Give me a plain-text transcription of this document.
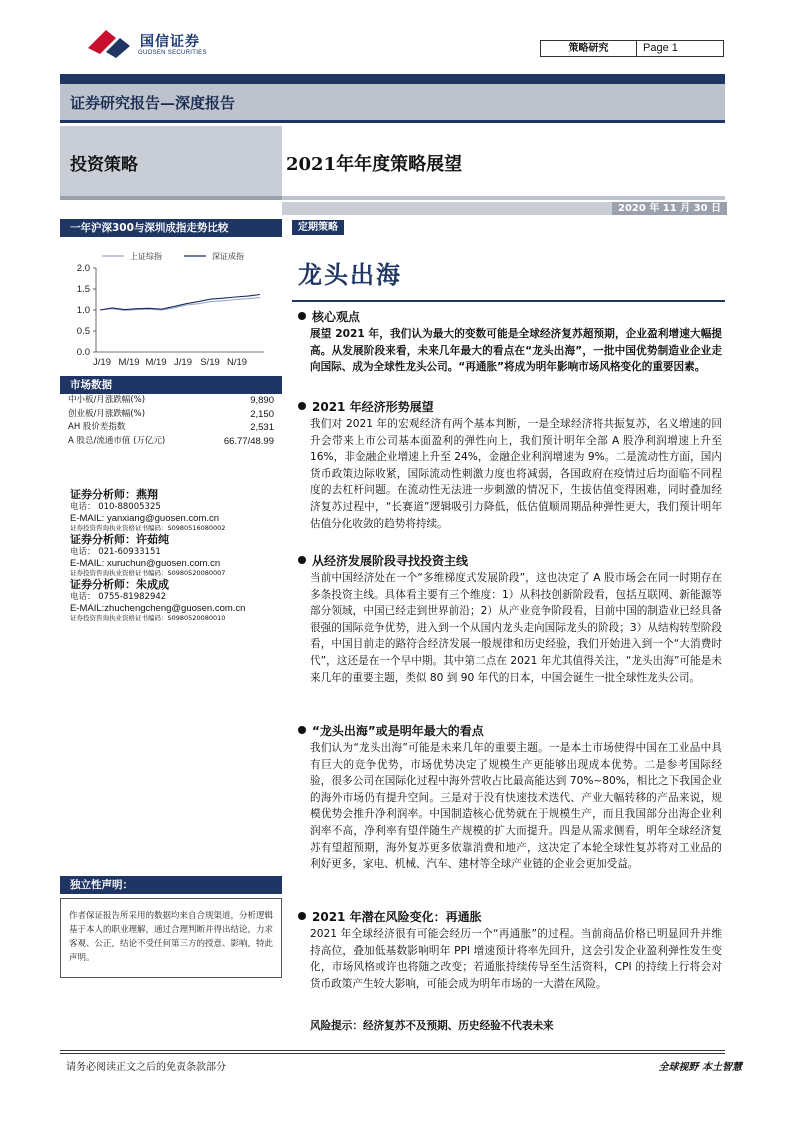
国信证券
GUOSEN SECURITIES	策略研究	Page 1
证券研究报告—深度报告
投资策略	2021年年度策略展望
2020 年 11 月 30 日
一年沪深300与深圳成指走势比较
0.0
0.5
1.0
1.5
2.0
J/19 M/19 M/19 J/19 S/19 N/19
上证综指	深证成指
市场数据
中小板/月涨跌幅(%)	9,890
创业板/月涨跌幅(%)	2,150
AH 股价差指数	2,531
A 股总/流通市值 (万亿元)	66.77/48.99
证券分析师：燕翔
电话： 010-88005325
E-MAIL: yanxiang@guosen.com.cn
证券投资咨询执业资格证书编码：S0980516080002
证券分析师：许茹纯
电话： 021-60933151
E-MAIL: xuruchun@guosen.com.cn
证券投资咨询执业资格证书编码：S0980520080007
证券分析师：朱成成
电话： 0755-81982942
E-MAIL:zhuchengcheng@guosen.com.cn
证券投资咨询执业资格证书编码：S0980520080010
独立性声明：
作者保证报告所采用的数据均来自合规渠道，分析逻辑基于本人的职业理解，通过合理判断并得出结论，力求客观、公正，结论不受任何第三方的授意、影响，特此声明。
定期策略
龙头出海
核心观点

展望 2021 年，我们认为最大的变数可能是全球经济复苏超预期，企业盈利增速大幅提高。从发展阶段来看，未来几年最大的看点在“龙头出海”，一批中国优势制造业企业走向国际、成为全球性龙头公司。“再通胀”将成为明年影响市场风格变化的重要因素。

2021 年经济形势展望

我们对 2021 年的宏观经济有两个基本判断，一是全球经济将共振复苏，名义增速的回升会带来上市公司基本面盈利的弹性向上，我们预计明年全部 A 股净利润增速上升至 16%，非金融企业增速上升至 24%，金融企业利润增速为 9%。二是流动性方面，国内货币政策边际收紧，国际流动性刺激力度也将减弱，各国政府在疫情过后均面临不同程度的去杠杆问题。在流动性无法进一步刺激的情况下，生拔估值变得困难，同时叠加经济复苏过程中，“长赛道”逻辑吸引力降低，低估值顺周期品种弹性更大，我们预计明年估值分化收敛的趋势将持续。

从经济发展阶段寻找投资主线

当前中国经济处在一个“多维梯度式发展阶段”，这也决定了 A 股市场会在同一时期存在多条投资主线。具体看主要有三个维度：1）从科技创新阶段看，包括互联网、新能源等部分领域，中国已经走到世界前沿；2）从产业竞争阶段看，目前中国的制造业已经具备很强的国际竞争优势，进入到一个从国内龙头走向国际龙头的阶段；3）从结构转型阶段看，中国目前走的路符合经济发展一般规律和历史经验，我们开始进入到一个“大消费时代”，这还是在一个早中期。其中第二点在 2021 年尤其值得关注，“龙头出海”可能是未来几年的重要主题，类似 80 到 90 年代的日本，中国会诞生一批全球性龙头公司。

“龙头出海”或是明年最大的看点

我们认为“龙头出海”可能是未来几年的重要主题。一是本土市场使得中国在工业品中具有巨大的竞争优势，市场优势决定了规模生产更能够出现成本优势。二是参考国际经验，很多公司在国际化过程中海外营收占比最高能达到 70%~80%，相比之下我国企业的海外市场仍有提升空间。三是对于没有快速技术迭代、产业大幅转移的产品来说，规模优势会推升净利润率。中国制造核心优势就在于规模生产，而且我国部分出海企业利润率不高，净利率有望伴随生产规模的扩大而提升。四是从需求侧看，明年全球经济复苏有望超预期，海外复苏更多依靠消费和地产，这决定了本轮全球性复苏将对工业品的利好更多，家电、机械、汽车、建材等全球产业链的企业会更加受益。

2021 年潜在风险变化：再通胀

2021 年全球经济很有可能会经历一个“再通胀”的过程。当前商品价格已明显回升并维持高位，叠加低基数影响明年 PPI 增速预计将率先回升，这会引发企业盈利弹性发生变化，市场风格或许也将随之改变；若通胀持续传导至生活资料，CPI 的持续上行将会对货币政策产生较大影响，可能会成为明年市场的一大潜在风险。

风险提示：经济复苏不及预期、历史经验不代表未来
请务必阅读正文之后的免责条款部分	全球视野 本土智慧
